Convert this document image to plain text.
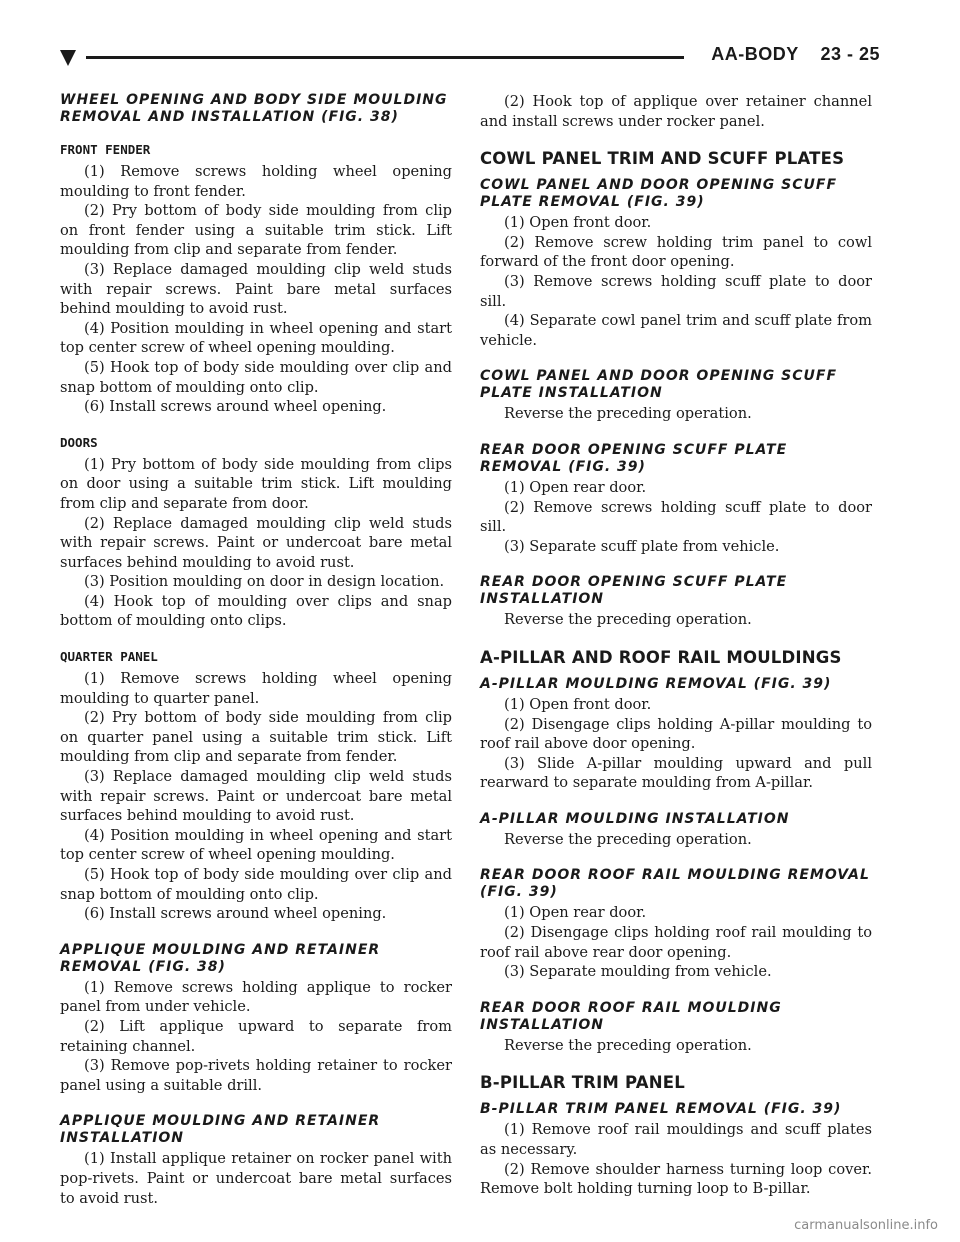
AA-BODY    23 - 25
WHEEL OPENING AND BODY SIDE MOULDING REMOVAL AND INSTALLATION (FIG. 38)
FRONT FENDER

(1) Remove screws holding wheel opening moulding to front fender.

(2) Pry bottom of body side moulding from clip on front fender using a suitable trim stick. Lift moulding from clip and separate from fender.

(3) Replace damaged moulding clip weld studs with repair screws. Paint bare metal surfaces behind moulding to avoid rust.

(4) Position moulding in wheel opening and start top center screw of wheel opening moulding.

(5) Hook top of body side moulding over clip and snap bottom of moulding onto clip.

(6) Install screws around wheel opening.

DOORS

(1) Pry bottom of body side moulding from clips on door using a suitable trim stick. Lift moulding from clip and separate from door.

(2) Replace damaged moulding clip weld studs with repair screws. Paint or undercoat bare metal surfaces behind moulding to avoid rust.

(3) Position moulding on door in design location.

(4) Hook top of moulding over clips and snap bottom of moulding onto clips.

QUARTER PANEL

(1) Remove screws holding wheel opening moulding to quarter panel.

(2) Pry bottom of body side moulding from clip on quarter panel using a suitable trim stick. Lift moulding from clip and separate from fender.

(3) Replace damaged moulding clip weld studs with repair screws. Paint or undercoat bare metal surfaces behind moulding to avoid rust.

(4) Position moulding in wheel opening and start top center screw of wheel opening moulding.

(5) Hook top of body side moulding over clip and snap bottom of moulding onto clip.

(6) Install screws around wheel opening.

APPLIQUE MOULDING AND RETAINER REMOVAL (FIG. 38)

(1) Remove screws holding applique to rocker panel from under vehicle.

(2) Lift applique upward to separate from retaining channel.

(3) Remove pop-rivets holding retainer to rocker panel using a suitable drill.

APPLIQUE MOULDING AND RETAINER INSTALLATION

(1) Install applique retainer on rocker panel with pop-rivets. Paint or undercoat bare metal surfaces to avoid rust.

(2) Hook top of applique over retainer channel and install screws under rocker panel.

COWL PANEL TRIM AND SCUFF PLATES
COWL PANEL AND DOOR OPENING SCUFF PLATE REMOVAL (FIG. 39)

(1) Open front door.

(2) Remove screw holding trim panel to cowl forward of the front door opening.

(3) Remove screws holding scuff plate to door sill.

(4) Separate cowl panel trim and scuff plate from vehicle.

COWL PANEL AND DOOR OPENING SCUFF PLATE INSTALLATION

Reverse the preceding operation.

REAR DOOR OPENING SCUFF PLATE REMOVAL (FIG. 39)

(1) Open rear door.

(2) Remove screws holding scuff plate to door sill.

(3) Separate scuff plate from vehicle.

REAR DOOR OPENING SCUFF PLATE INSTALLATION

Reverse the preceding operation.

A-PILLAR AND ROOF RAIL MOULDINGS
A-PILLAR MOULDING REMOVAL (FIG. 39)

(1) Open front door.

(2) Disengage clips holding A-pillar moulding to roof rail above door opening.

(3) Slide A-pillar moulding upward and pull rearward to separate moulding from A-pillar.

A-PILLAR MOULDING INSTALLATION

Reverse the preceding operation.

REAR DOOR ROOF RAIL MOULDING REMOVAL (FIG. 39)

(1) Open rear door.

(2) Disengage clips holding roof rail moulding to roof rail above rear door opening.

(3) Separate moulding from vehicle.

REAR DOOR ROOF RAIL MOULDING INSTALLATION

Reverse the preceding operation.

B-PILLAR TRIM PANEL
B-PILLAR TRIM PANEL REMOVAL (FIG. 39)

(1) Remove roof rail mouldings and scuff plates as necessary.

(2) Remove shoulder harness turning loop cover. Remove bolt holding turning loop to B-pillar.

carmanualsonline.info
